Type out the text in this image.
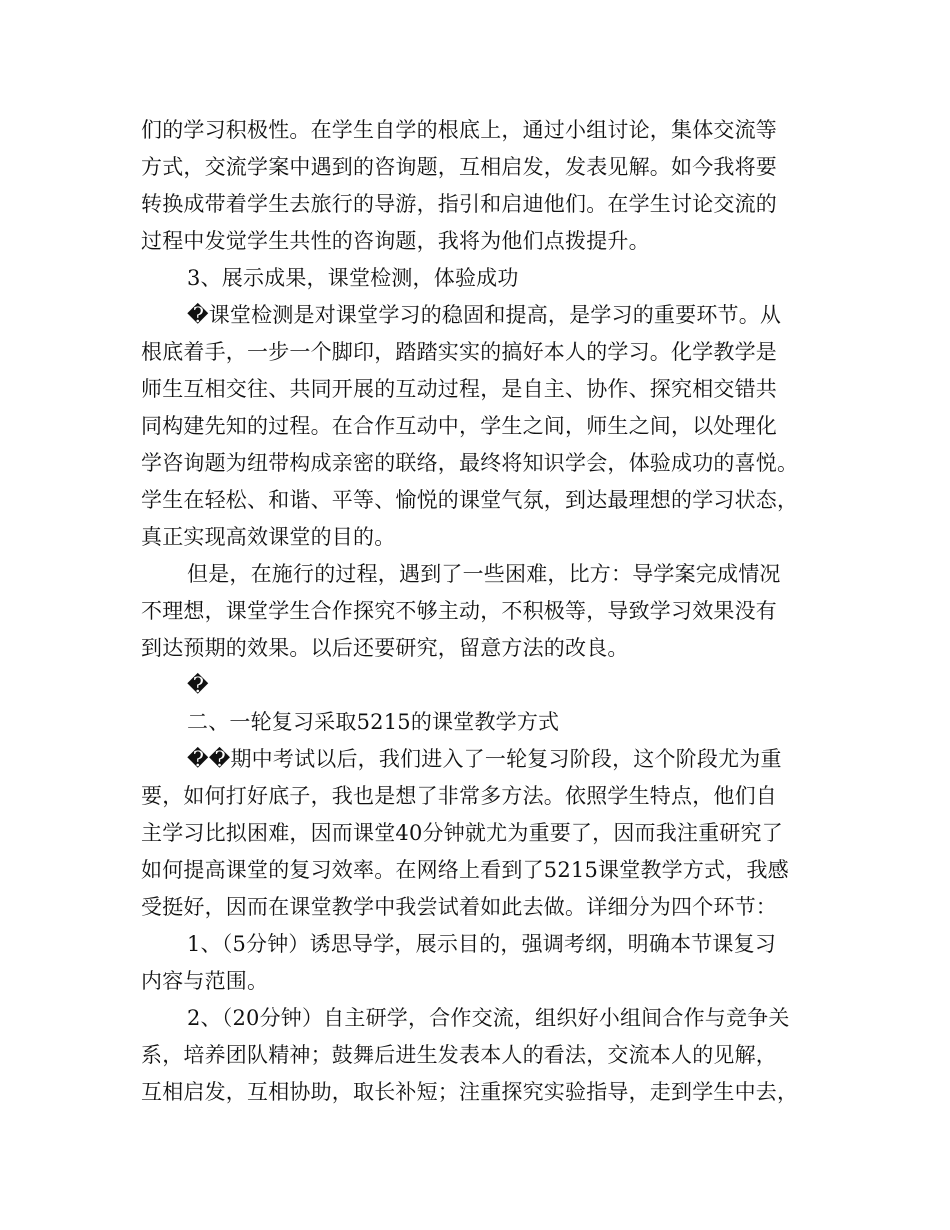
们的学习积极性。在学生自学的根底上，通过小组讨论，集体交流等
方式，交流学案中遇到的咨询题，互相启发，发表见解。如今我将要
转换成带着学生去旅行的导游，指引和启迪他们。在学生讨论交流的
过程中发觉学生共性的咨询题，我将为他们点拨提升。
3、展示成果，课堂检测，体验成功
�课堂检测是对课堂学习的稳固和提高，是学习的重要环节。从
根底着手，一步一个脚印，踏踏实实的搞好本人的学习。化学教学是
师生互相交往、共同开展的互动过程，是自主、协作、探究相交错共
同构建先知的过程。在合作互动中，学生之间，师生之间，以处理化
学咨询题为纽带构成亲密的联络，最终将知识学会，体验成功的喜悦。
学生在轻松、和谐、平等、愉悦的课堂气氛，到达最理想的学习状态，
真正实现高效课堂的目的。
但是，在施行的过程，遇到了一些困难，比方：导学案完成情况
不理想，课堂学生合作探究不够主动，不积极等，导致学习效果没有
到达预期的效果。以后还要研究，留意方法的改良。
�
二、一轮复习采取5215的课堂教学方式
��期中考试以后，我们进入了一轮复习阶段，这个阶段尤为重
要，如何打好底子，我也是想了非常多方法。依照学生特点，他们自
主学习比拟困难，因而课堂40分钟就尤为重要了，因而我注重研究了
如何提高课堂的复习效率。在网络上看到了5215课堂教学方式，我感
受挺好，因而在课堂教学中我尝试着如此去做。详细分为四个环节：
1、（5分钟）诱思导学，展示目的，强调考纲，明确本节课复习
内容与范围。
2、（20分钟）自主研学，合作交流，组织好小组间合作与竞争关
系，培养团队精神；鼓舞后进生发表本人的看法，交流本人的见解，
互相启发，互相协助，取长补短；注重探究实验指导，走到学生中去，
